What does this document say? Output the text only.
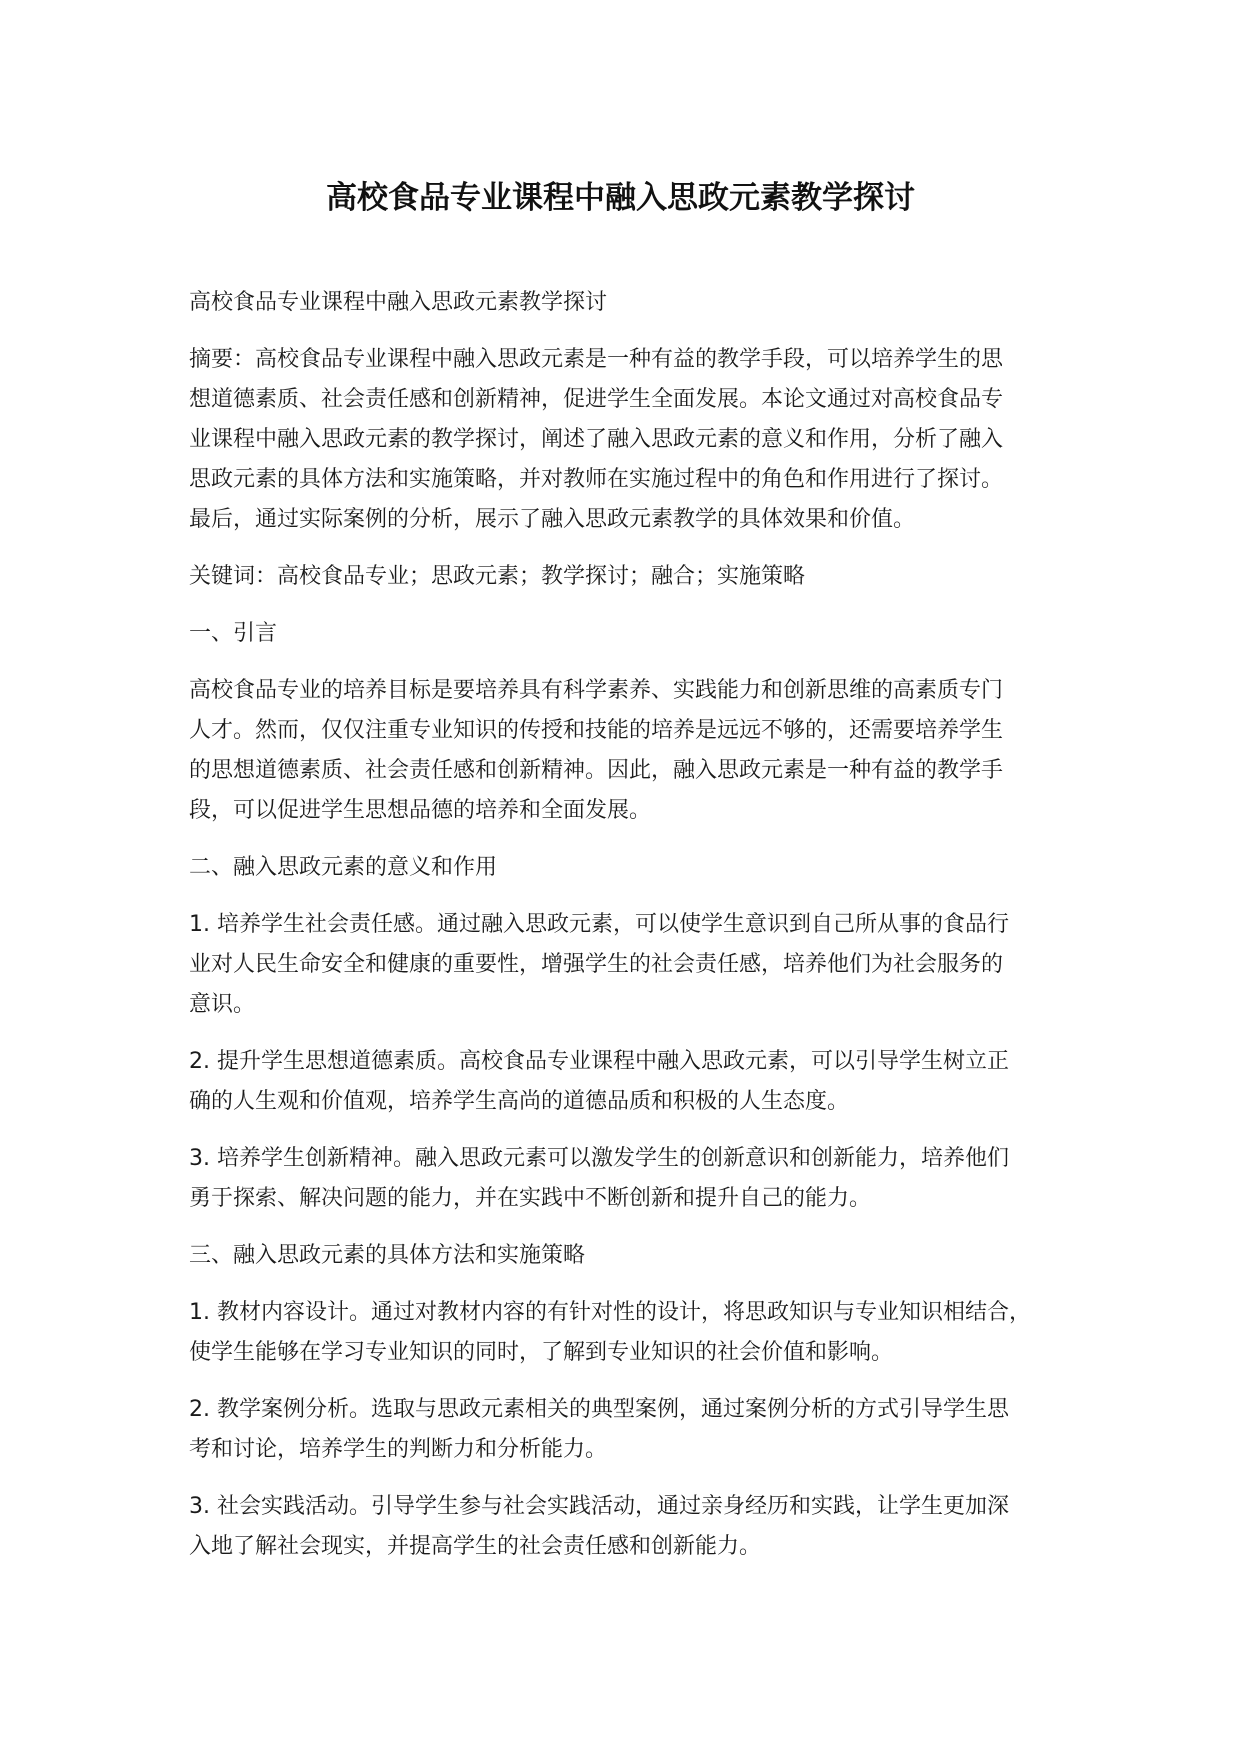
高校食品专业课程中融入思政元素教学探讨

高校食品专业课程中融入思政元素教学探讨

摘要：高校食品专业课程中融入思政元素是一种有益的教学手段，可以培养学生的思
想道德素质、社会责任感和创新精神，促进学生全面发展。本论文通过对高校食品专
业课程中融入思政元素的教学探讨，阐述了融入思政元素的意义和作用，分析了融入
思政元素的具体方法和实施策略，并对教师在实施过程中的角色和作用进行了探讨。
最后，通过实际案例的分析，展示了融入思政元素教学的具体效果和价值。

关键词：高校食品专业；思政元素；教学探讨；融合；实施策略

一、引言

高校食品专业的培养目标是要培养具有科学素养、实践能力和创新思维的高素质专门
人才。然而，仅仅注重专业知识的传授和技能的培养是远远不够的，还需要培养学生
的思想道德素质、社会责任感和创新精神。因此，融入思政元素是一种有益的教学手
段，可以促进学生思想品德的培养和全面发展。

二、融入思政元素的意义和作用

1. 培养学生社会责任感。通过融入思政元素，可以使学生意识到自己所从事的食品行
业对人民生命安全和健康的重要性，增强学生的社会责任感，培养他们为社会服务的
意识。

2. 提升学生思想道德素质。高校食品专业课程中融入思政元素，可以引导学生树立正
确的人生观和价值观，培养学生高尚的道德品质和积极的人生态度。

3. 培养学生创新精神。融入思政元素可以激发学生的创新意识和创新能力，培养他们
勇于探索、解决问题的能力，并在实践中不断创新和提升自己的能力。

三、融入思政元素的具体方法和实施策略

1. 教材内容设计。通过对教材内容的有针对性的设计，将思政知识与专业知识相结合，
使学生能够在学习专业知识的同时，了解到专业知识的社会价值和影响。

2. 教学案例分析。选取与思政元素相关的典型案例，通过案例分析的方式引导学生思
考和讨论，培养学生的判断力和分析能力。

3. 社会实践活动。引导学生参与社会实践活动，通过亲身经历和实践，让学生更加深
入地了解社会现实，并提高学生的社会责任感和创新能力。
